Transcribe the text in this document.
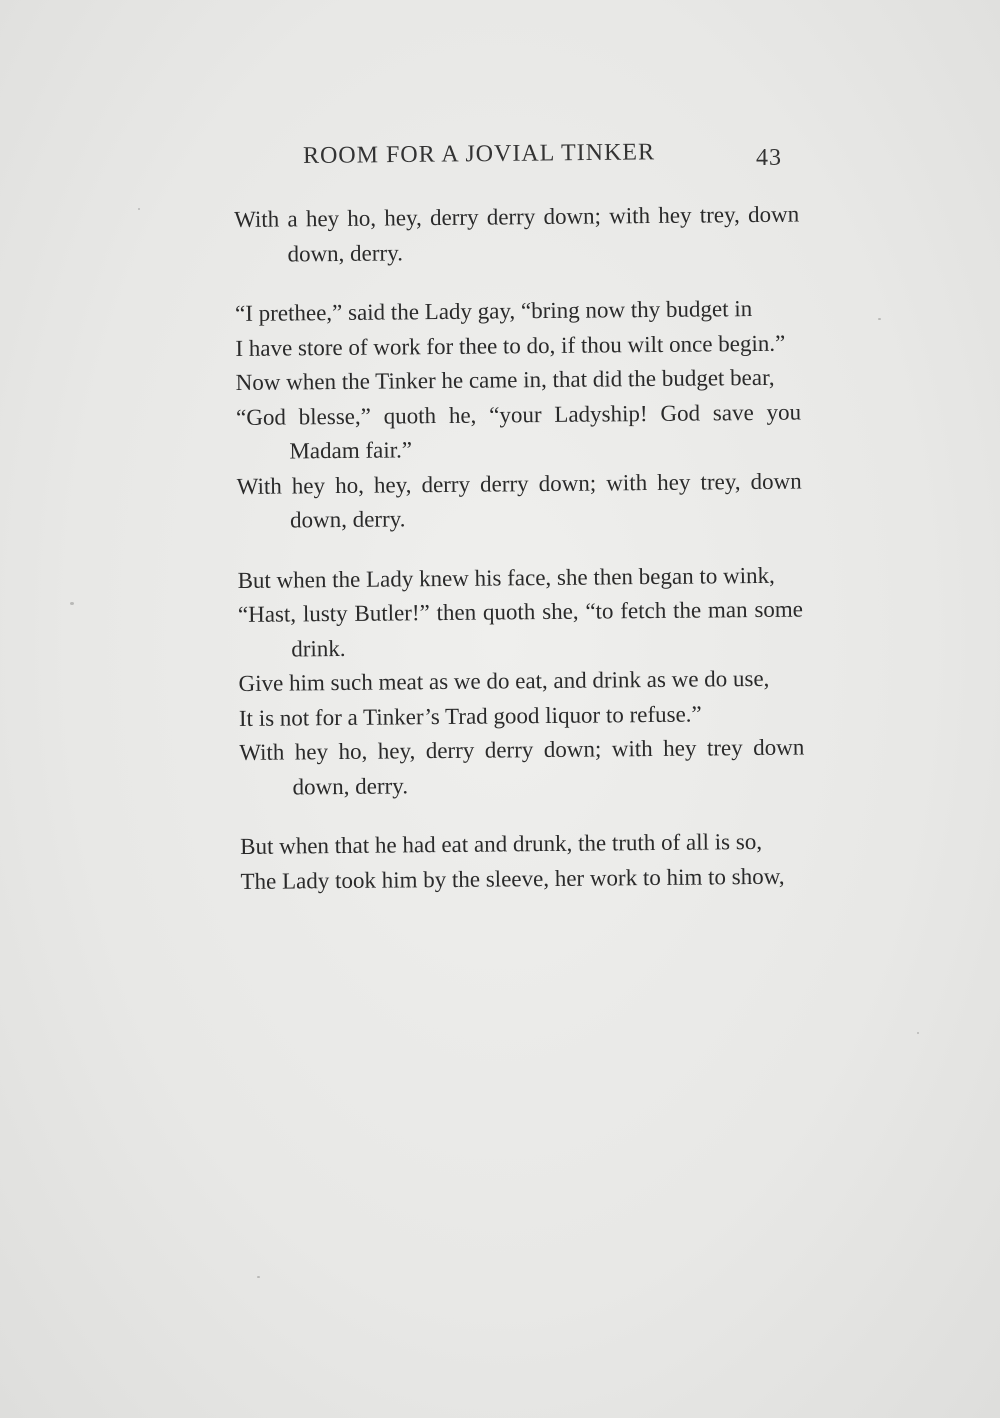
ROOM FOR A JOVIAL TINKER	43

With a hey ho, hey, derry derry down; with hey trey, down down, derry.

“I prethee,” said the Lady gay, “bring now thy budget in

I have store of work for thee to do, if thou wilt once begin.”

Now when the Tinker he came in, that did the budget bear,

“God blesse,” quoth he, “your Ladyship! God save you Madam fair.”

With hey ho, hey, derry derry down; with hey trey, down down, derry.

But when the Lady knew his face, she then began to wink,

“Hast, lusty Butler!” then quoth she, “to fetch the man some drink.

Give him such meat as we do eat, and drink as we do use,

It is not for a Tinker’s Trad good liquor to refuse.”

With hey ho, hey, derry derry down; with hey trey down down, derry.

But when that he had eat and drunk, the truth of all is so,

The Lady took him by the sleeve, her work to him to show,
